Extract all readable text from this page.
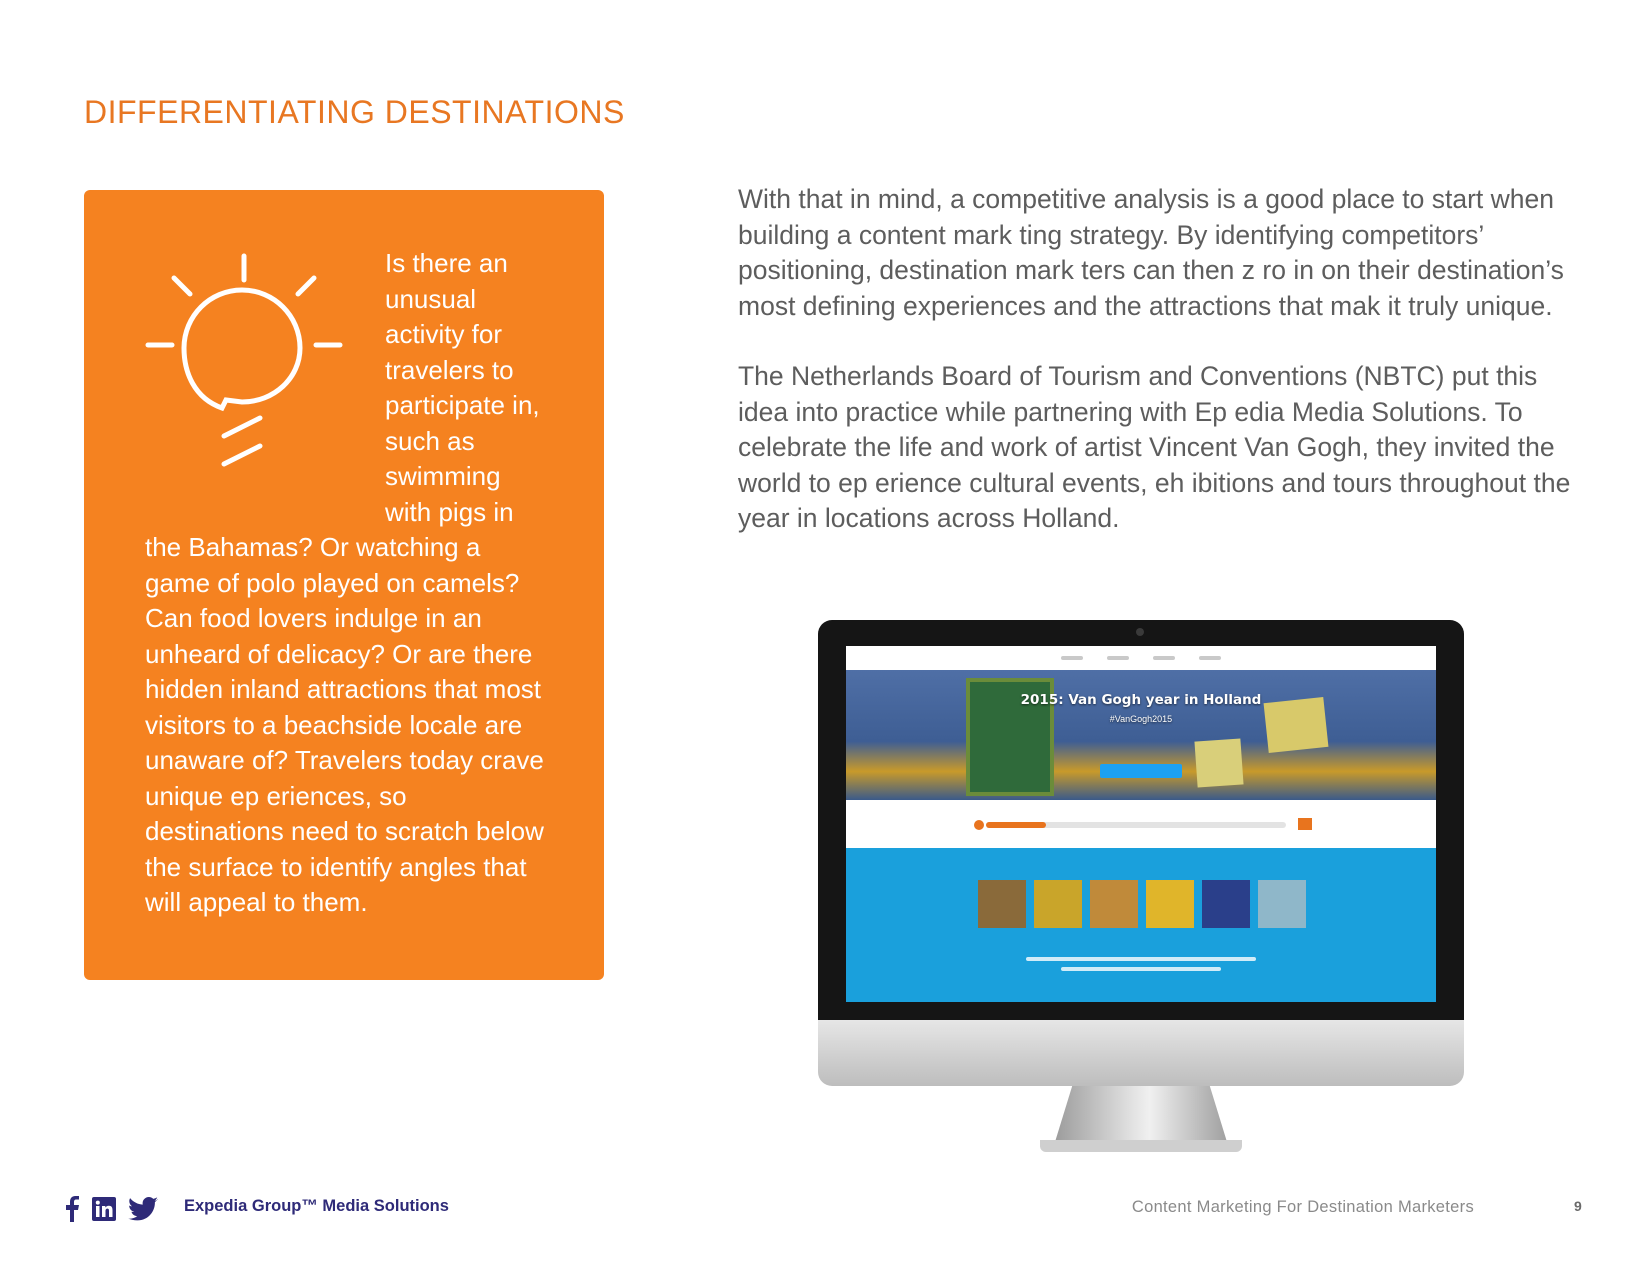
DIFFERENTIATING DESTINATIONS

Is there an unusual activity for travelers to participate in, such as swimming with pigs in the Bahamas? Or watching a game of polo played on camels? Can food lovers indulge in an unheard of delicacy? Or are there hidden inland attractions that most visitors to a beachside locale are unaware of? Travelers today crave unique ep eriences, so destinations need to scratch below the surface to identify angles that will appeal to them.

With that in mind, a competitive analysis is a good place to start when building a content mark ting strategy. By identifying competitors’ positioning, destination mark ters can then z ro in on their destination’s most defining experiences and the attractions that mak it truly unique.

The Netherlands Board of Tourism and Conventions (NBTC) put this idea into practice while partnering with Ep edia Media Solutions. To celebrate the life and work of artist Vincent Van Gogh, they invited the world to ep erience cultural events, eh ibitions and tours throughout the year in locations across Holland.

2015: Van Gogh year in Holland
#VanGogh2015

Expedia Group™ Media Solutions	Content Marketing For Destination Marketers	9
